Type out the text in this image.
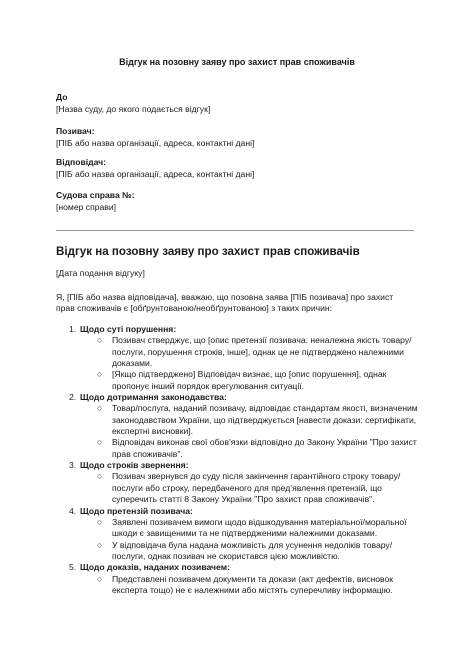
Відгук на позовну заяву про захист прав споживачів
До
[Назва суду, до якого подається відгук]
Позивач:
[ПІБ або назва організації, адреса, контактні дані]
Відповідач:
[ПІБ або назва організації, адреса, контактні дані]
Судова справа №:
[номер справи]
Відгук на позовну заяву про захист прав споживачів
[Дата подання відгуку]
Я, [ПІБ або назва відповідача], вважаю, що позовна заява [ПІБ позивача] про захист прав споживачів є [обґрунтованою/необґрунтованою] з таких причин:
1. Щодо суті порушення:
○ Позивач стверджує, що [опис претензії позивача: неналежна якість товару/послуги, порушення строків, інше], однак це не підтверджено належними доказами.
○ [Якщо підтверджено] Відповідач визнає, що [опис порушення], однак пропонує інший порядок врегулювання ситуації.
2. Щодо дотримання законодавства:
○ Товар/послуга, наданий позивачу, відповідає стандартам якості, визначеним законодавством України, що підтверджується [навести докази: сертифікати, експертні висновки].
○ Відповідач виконав свої обов’язки відповідно до Закону України "Про захист прав споживачів".
3. Щодо строків звернення:
○ Позивач звернувся до суду після закінчення гарантійного строку товару/послуги або строку, передбаченого для пред’явлення претензій, що суперечить статті 8 Закону України "Про захист прав споживачів".
4. Щодо претензій позивача:
○ Заявлені позивачем вимоги щодо відшкодування матеріальної/моральної шкоди є завищеними та не підтвердженими належними доказами.
○ У відповідача була надана можливість для усунення недоліків товару/послуги, однак позивач не скористався цією можливістю.
5. Щодо доказів, наданих позивачем:
○ Представлені позивачем документи та докази (акт дефектів, висновок експерта тощо) не є належними або містять суперечливу інформацію.
